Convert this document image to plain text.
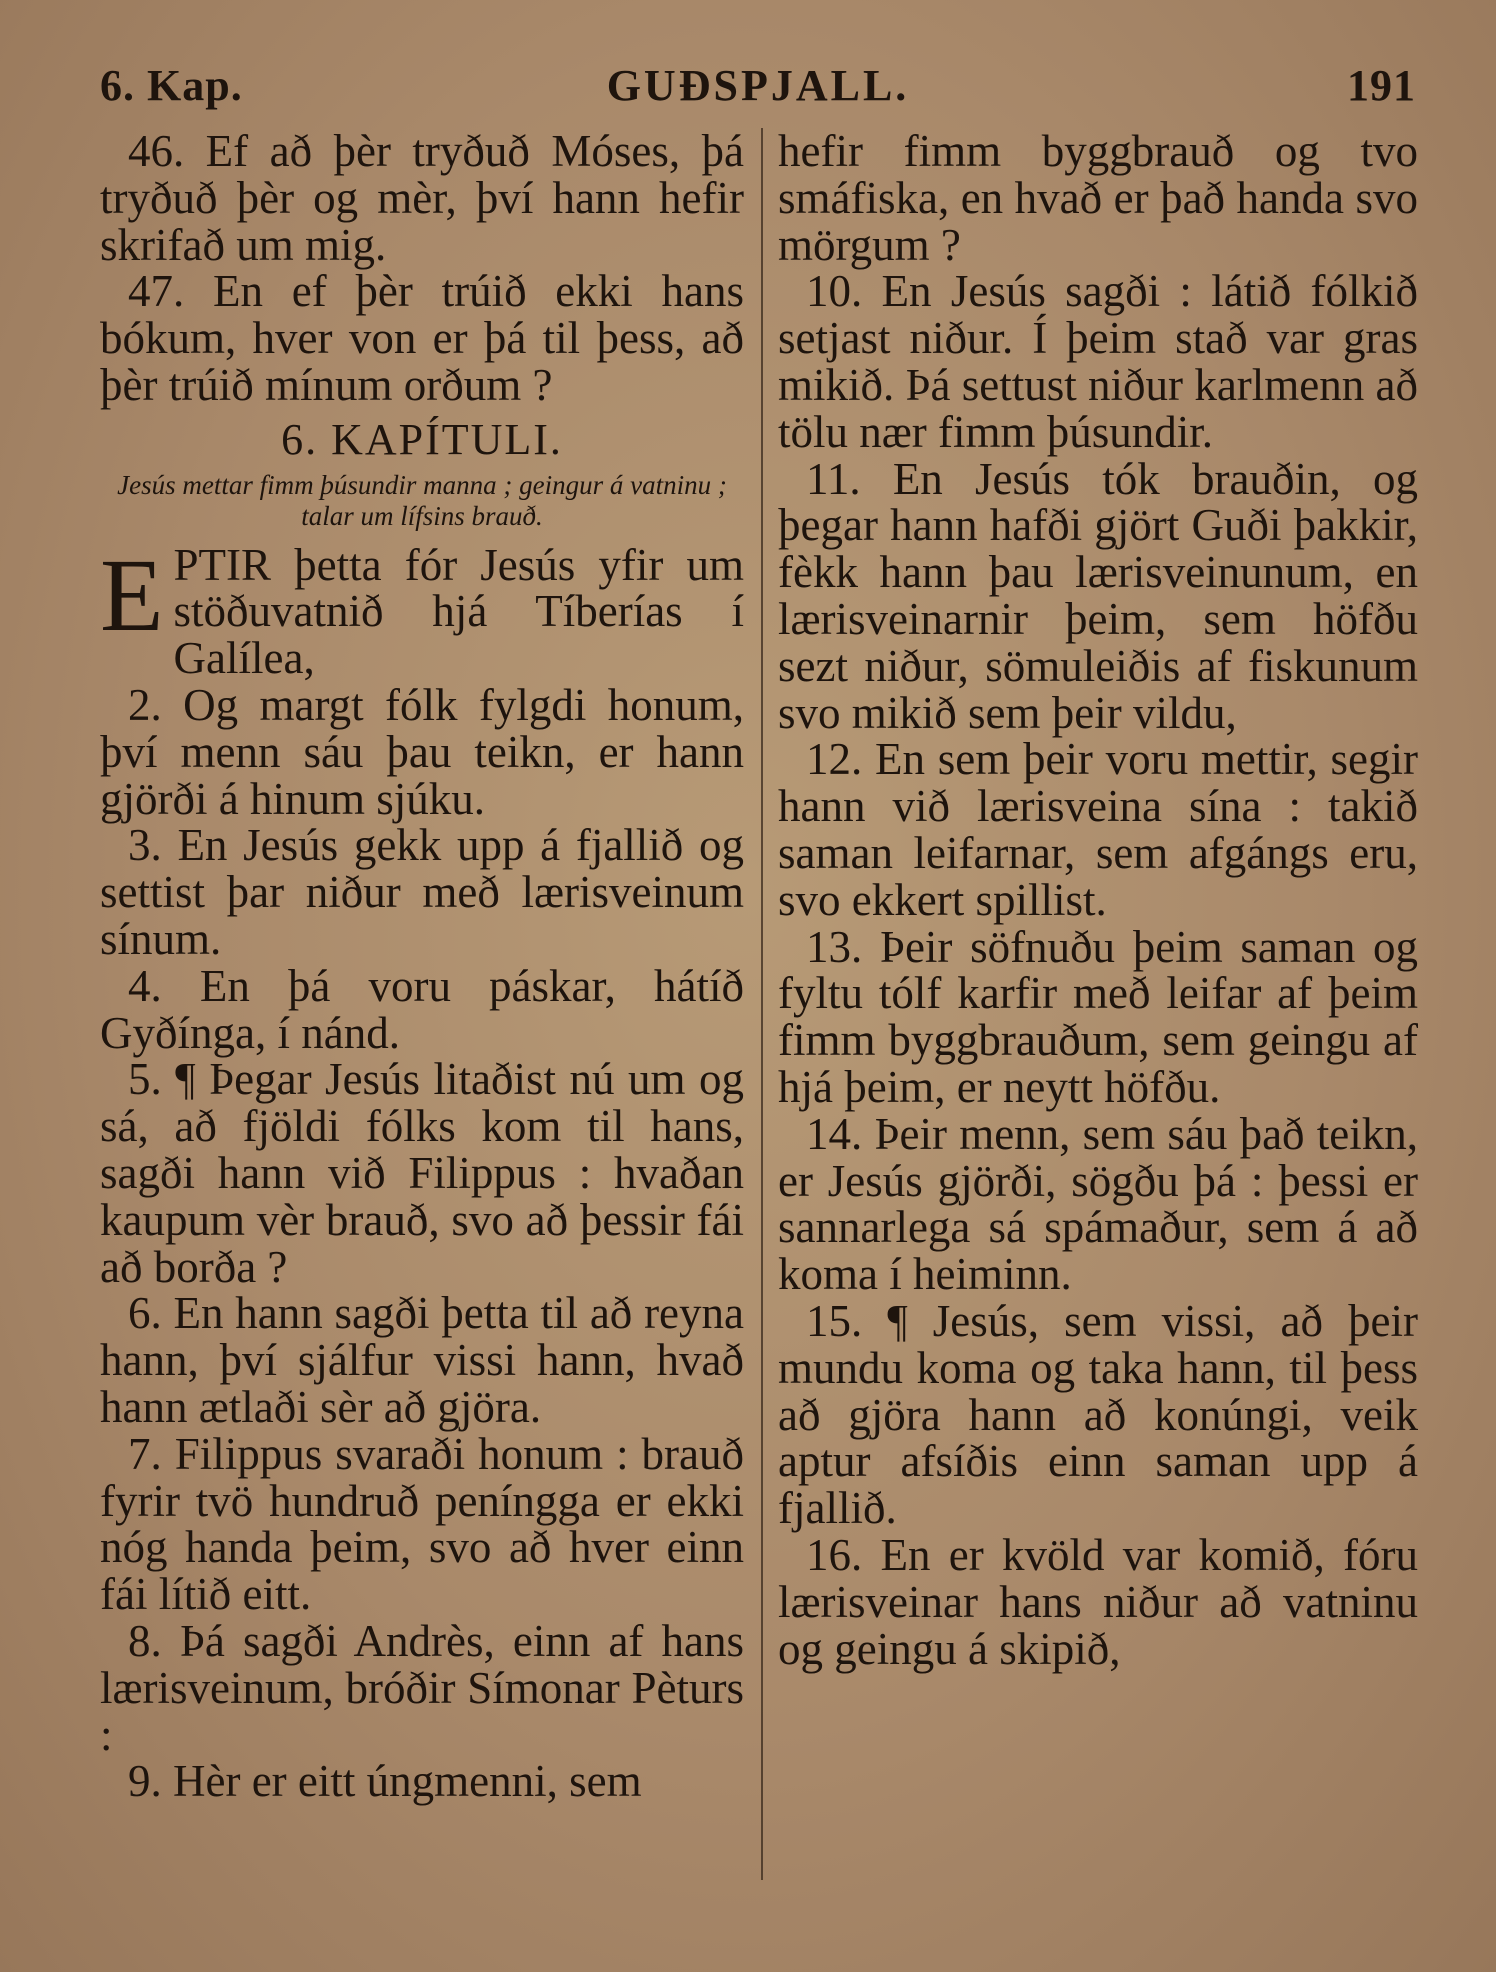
GUÐSPJALL.
6. Kap.	191

46. Ef að þèr tryðuð Móses, þá tryðuð þèr og mèr, því hann hefir skrifað um mig.

47. En ef þèr trúið ekki hans bókum, hver von er þá til þess, að þèr trúið mínum orðum ?

6. KAPÍTULI.

Jesús mettar fimm þúsundir manna ; geingur á vatninu ; talar um lífsins brauð.

EPTIR þetta fór Jesús yfir um stöðuvatnið hjá Tíberías í Galílea,

2. Og margt fólk fylgdi honum, því menn sáu þau teikn, er hann gjörði á hinum sjúku.

3. En Jesús gekk upp á fjallið og settist þar niður með lærisveinum sínum.

4. En þá voru páskar, hátíð Gyðínga, í nánd.

5. ¶ Þegar Jesús litaðist nú um og sá, að fjöldi fólks kom til hans, sagði hann við Filippus : hvaðan kaupum vèr brauð, svo að þessir fái að borða ?

6. En hann sagði þetta til að reyna hann, því sjálfur vissi hann, hvað hann ætlaði sèr að gjöra.

7. Filippus svaraði honum : brauð fyrir tvö hundruð peníngga er ekki nóg handa þeim, svo að hver einn fái lítið eitt.

8. Þá sagði Andrès, einn af hans lærisveinum, bróðir Símonar Pèturs :

9. Hèr er eitt úngmenni, sem

hefir fimm byggbrauð og tvo smáfiska, en hvað er það handa svo mörgum ?

10. En Jesús sagði : látið fólkið setjast niður. Í þeim stað var gras mikið. Þá settust niður karlmenn að tölu nær fimm þúsundir.

11. En Jesús tók brauðin, og þegar hann hafði gjört Guði þakkir, fèkk hann þau lærisveinunum, en lærisveinarnir þeim, sem höfðu sezt niður, sömuleiðis af fiskunum svo mikið sem þeir vildu,

12. En sem þeir voru mettir, segir hann við lærisveina sína : takið saman leifarnar, sem afgángs eru, svo ekkert spillist.

13. Þeir söfnuðu þeim saman og fyltu tólf karfir með leifar af þeim fimm byggbrauðum, sem geingu af hjá þeim, er neytt höfðu.

14. Þeir menn, sem sáu það teikn, er Jesús gjörði, sögðu þá : þessi er sannarlega sá spámaður, sem á að koma í heiminn.

15. ¶ Jesús, sem vissi, að þeir mundu koma og taka hann, til þess að gjöra hann að konúngi, veik aptur afsíðis einn saman upp á fjallið.

16. En er kvöld var komið, fóru lærisveinar hans niður að vatninu og geingu á skipið,
